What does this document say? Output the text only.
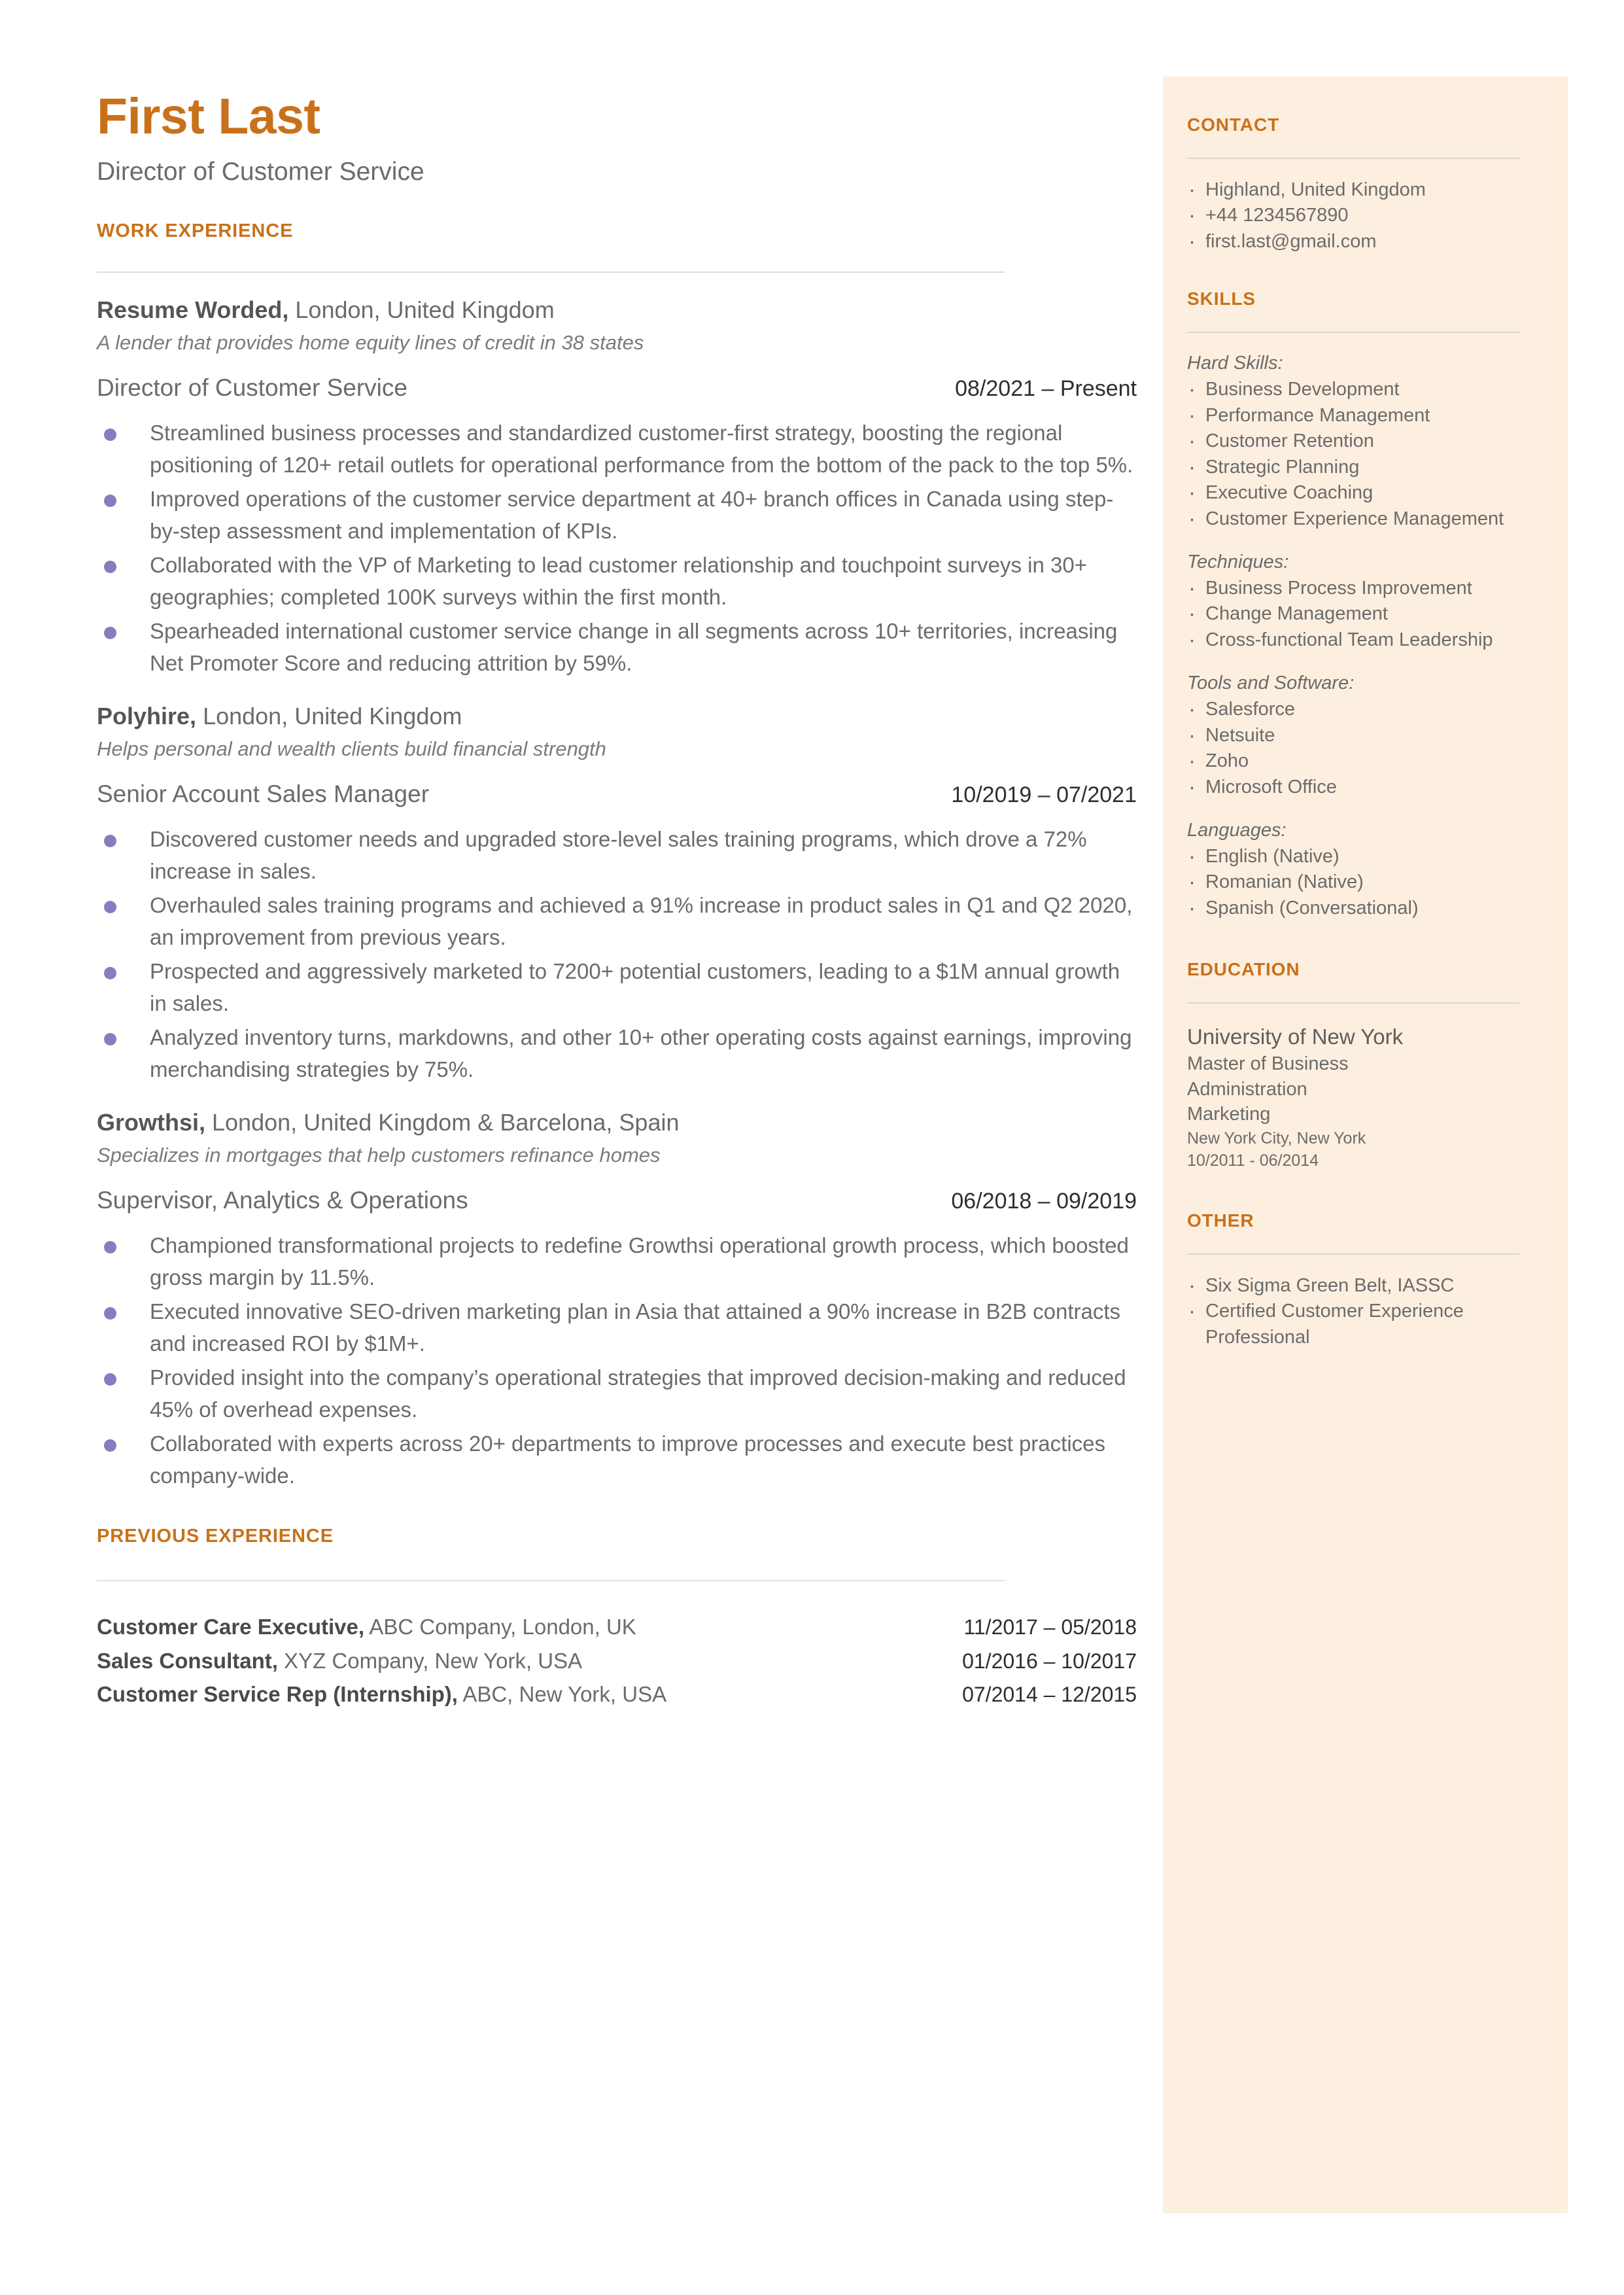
First Last
Director of Customer Service
WORK EXPERIENCE
Resume Worded, London, United Kingdom
A lender that provides home equity lines of credit in 38 states
Director of Customer Service	08/2021 – Present
Streamlined business processes and standardized customer-first strategy, boosting the regional positioning of 120+ retail outlets for operational performance from the bottom of the pack to the top 5%.
Improved operations of the customer service department at 40+ branch offices in Canada using step-by-step assessment and implementation of KPIs.
Collaborated with the VP of Marketing to lead customer relationship and touchpoint surveys in 30+ geographies; completed 100K surveys within the first month.
Spearheaded international customer service change in all segments across 10+ territories, increasing Net Promoter Score and reducing attrition by 59%.
Polyhire, London, United Kingdom
Helps personal and wealth clients build financial strength
Senior Account Sales Manager	10/2019 – 07/2021
Discovered customer needs and upgraded store-level sales training programs, which drove a 72% increase in sales.
Overhauled sales training programs and achieved a 91% increase in product sales in Q1 and Q2 2020, an improvement from previous years.
Prospected and aggressively marketed to 7200+ potential customers, leading to a $1M annual growth in sales.
Analyzed inventory turns, markdowns, and other 10+ other operating costs against earnings, improving merchandising strategies by 75%.
Growthsi, London, United Kingdom & Barcelona, Spain
Specializes in mortgages that help customers refinance homes
Supervisor, Analytics & Operations	06/2018 – 09/2019
Championed transformational projects to redefine Growthsi operational growth process, which boosted gross margin by 11.5%.
Executed innovative SEO-driven marketing plan in Asia that attained a 90% increase in B2B contracts and increased ROI by $1M+.
Provided insight into the company’s operational strategies that improved decision-making and reduced 45% of overhead expenses.
Collaborated with experts across 20+ departments to improve processes and execute best practices company-wide.
PREVIOUS EXPERIENCE
Customer Care Executive, ABC Company, London, UK	11/2017 – 05/2018
Sales Consultant, XYZ Company, New York, USA	01/2016 – 10/2017
Customer Service Rep (Internship), ABC, New York, USA	07/2014 – 12/2015
CONTACT
· Highland, United Kingdom
· +44 1234567890
· first.last@gmail.com
SKILLS
Hard Skills:
· Business Development
· Performance Management
· Customer Retention
· Strategic Planning
· Executive Coaching
· Customer Experience Management
Techniques:
· Business Process Improvement
· Change Management
· Cross-functional Team Leadership
Tools and Software:
· Salesforce
· Netsuite
· Zoho
· Microsoft Office
Languages:
· English (Native)
· Romanian (Native)
· Spanish (Conversational)
EDUCATION
University of New York
Master of Business
Administration
Marketing
New York City, New York
10/2011 - 06/2014
OTHER
· Six Sigma Green Belt, IASSC
· Certified Customer Experience Professional
